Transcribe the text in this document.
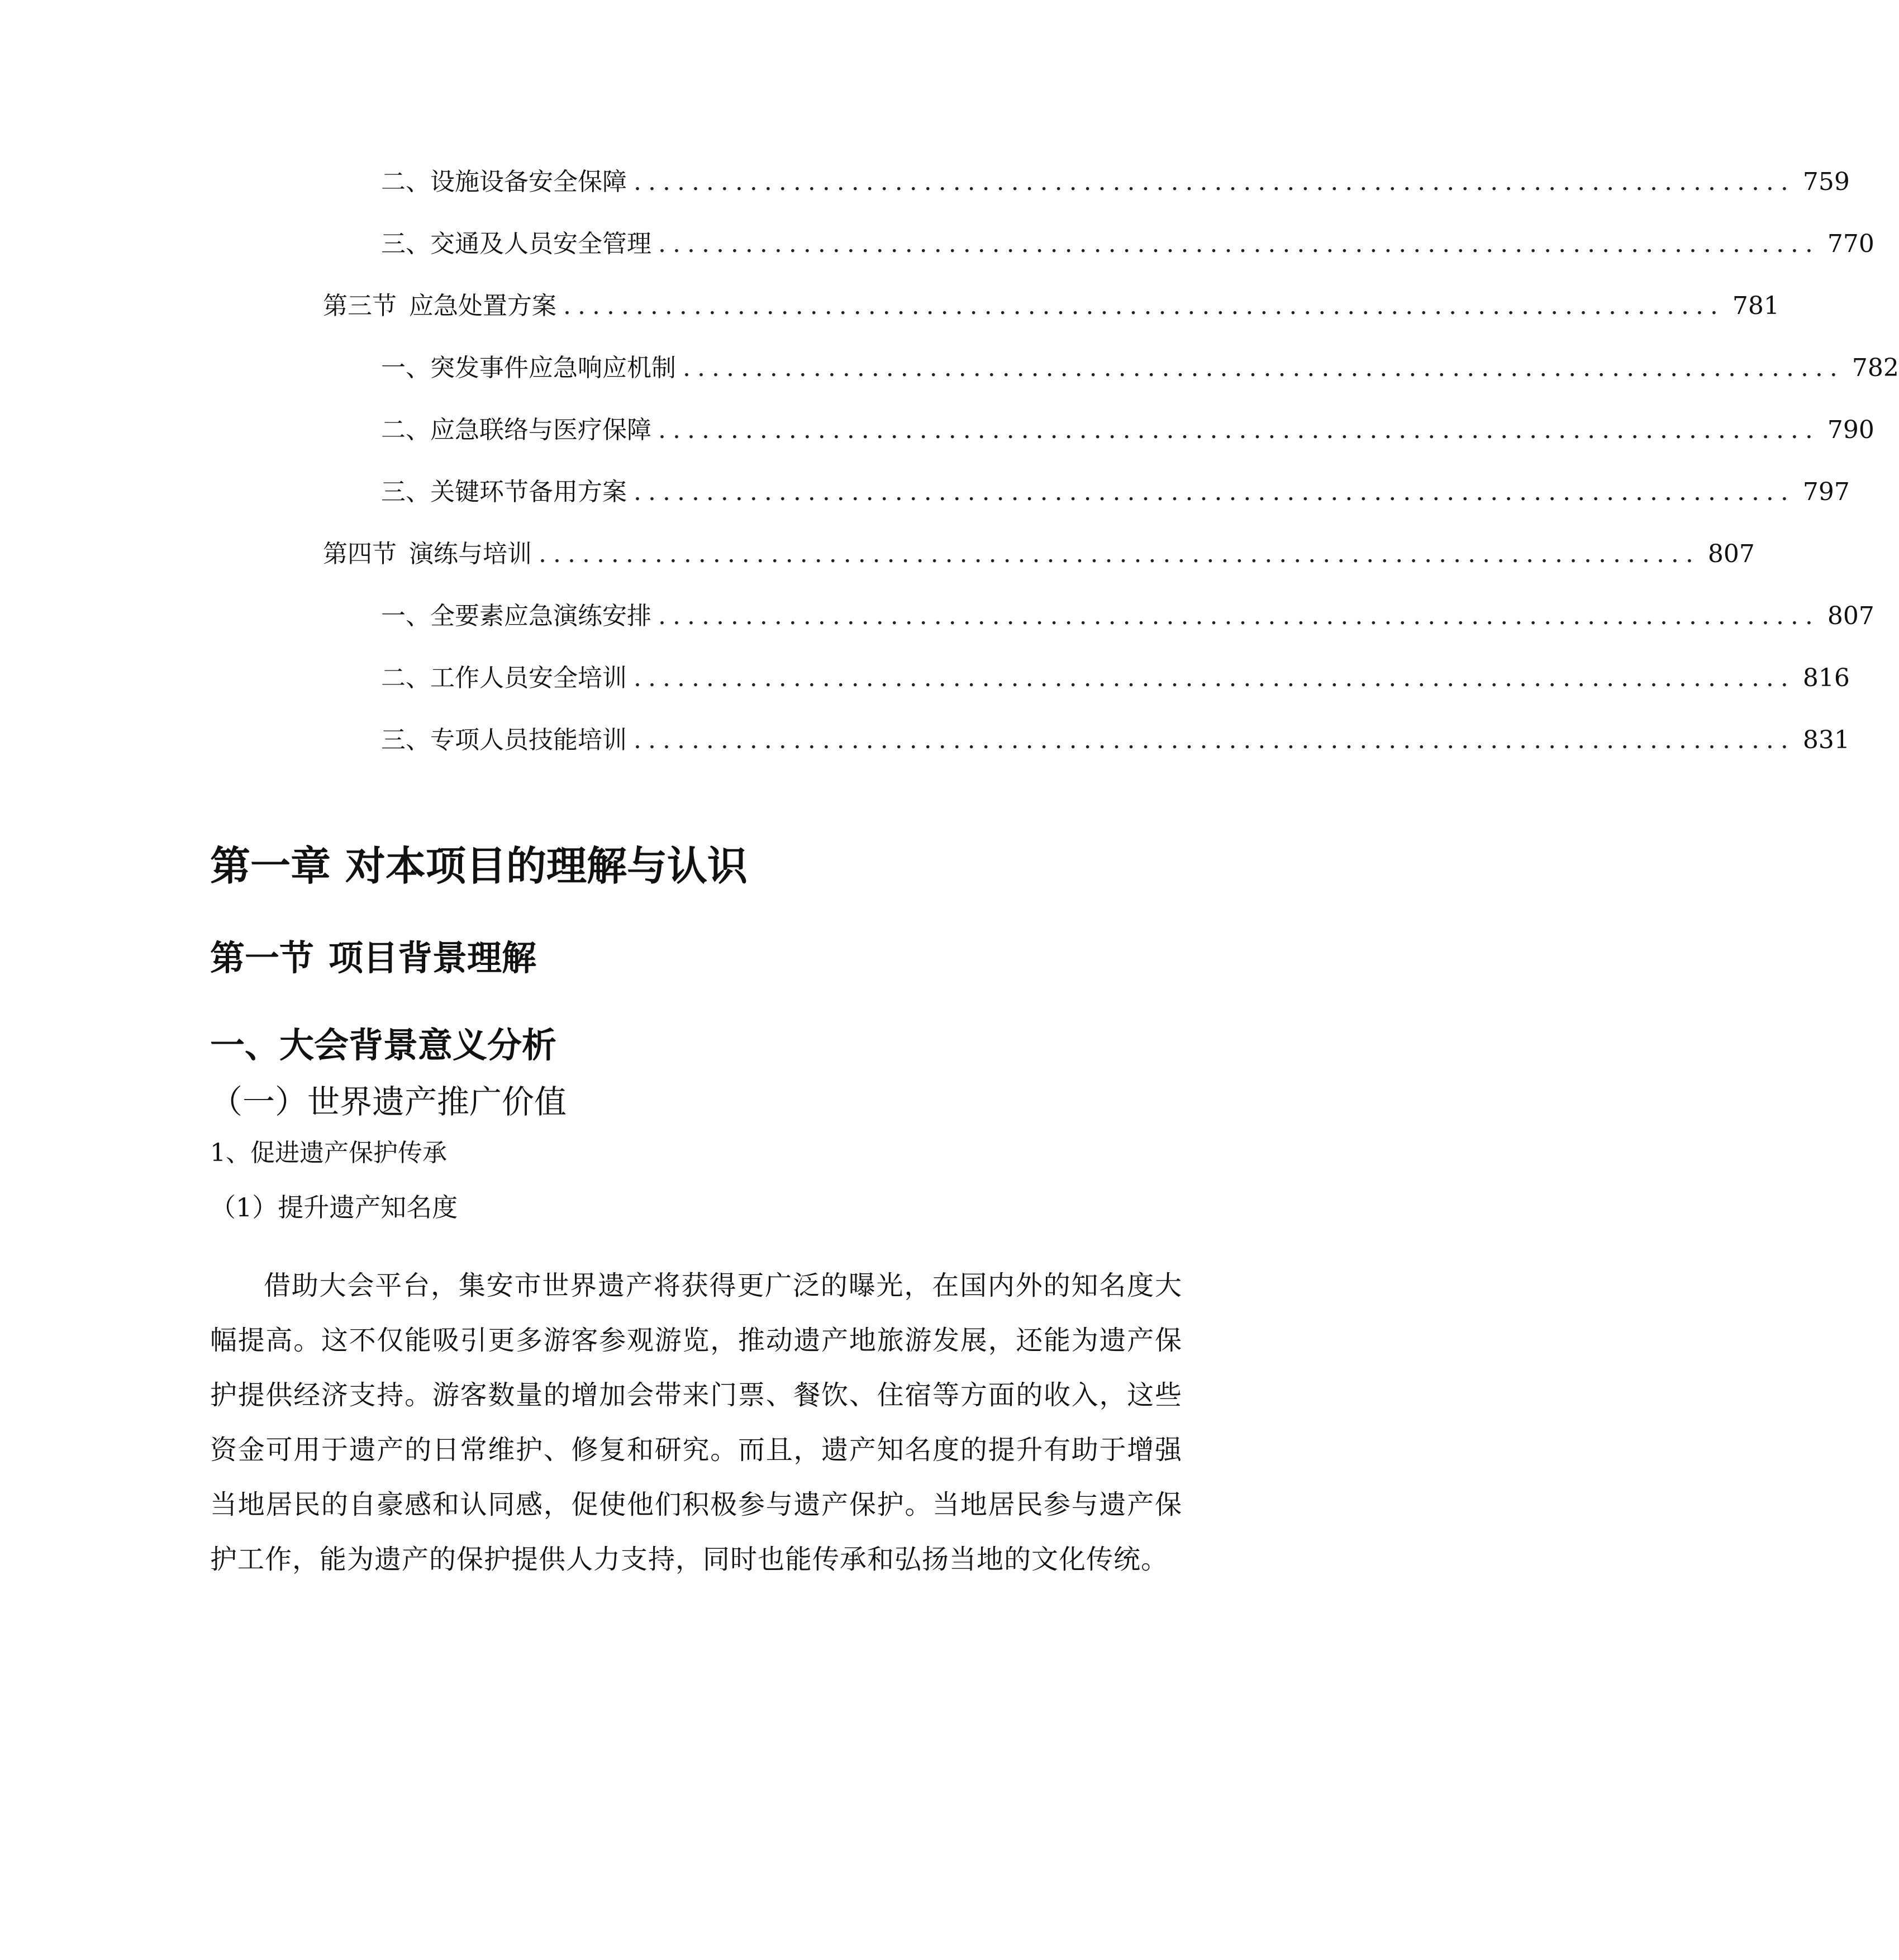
二、 设施设备安全保障 ................................................................................ 759
三、 交通及人员安全管理 ................................................................................ 770
第三节 应急处置方案 ................................................................................ 781
一、 突发事件应急响应机制 ................................................................................ 782
二、 应急联络与医疗保障 ................................................................................ 790
三、 关键环节备用方案 ................................................................................ 797
第四节 演练与培训 ................................................................................ 807
一、 全要素应急演练安排 ................................................................................ 807
二、 工作人员安全培训 ................................................................................ 816
三、 专项人员技能培训 ................................................................................ 831
第一章 对本项目的理解与认识
第一节 项目背景理解
一、大会背景意义分析
（一）世界遗产推广价值
1、促进遗产保护传承
（1）提升遗产知名度

借助大会平台，集安市世界遗产将获得更广泛的曝光，在国内外的知名度大幅提高。这不仅能吸引更多游客参观游览，推动遗产地旅游发展，还能为遗产保护提供经济支持。游客数量的增加会带来门票、餐饮、住宿等方面的收入，这些资金可用于遗产的日常维护、修复和研究。而且，遗产知名度的提升有助于增强当地居民的自豪感和认同感，促使他们积极参与遗产保护。当地居民参与遗产保护工作，能为遗产的保护提供人力支持，同时也能传承和弘扬当地的文化传统。
